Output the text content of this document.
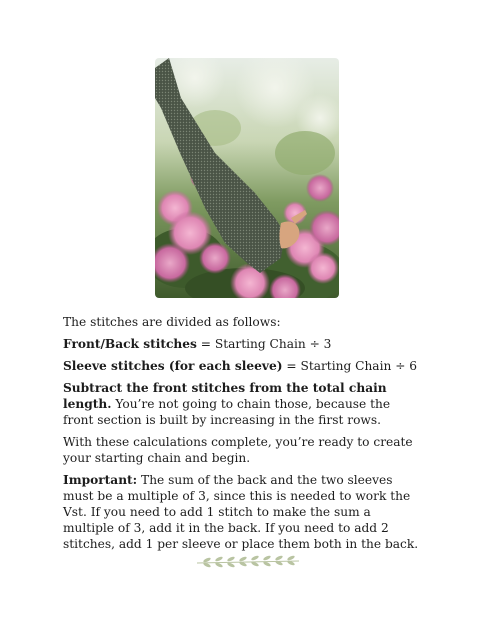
The stitches are divided as follows:

Front/Back stitches = Starting Chain ÷ 3

Sleeve stitches (for each sleeve) = Starting Chain ÷ 6

Subtract the front stitches from the total chain length. You’re not going to chain those, because the front section is built by increasing in the first rows.

With these calculations complete, you’re ready to create your starting chain and begin.

Important: The sum of the back and the two sleeves must be a multiple of 3, since this is needed to work the Vst. If you need to add 1 stitch to make the sum a multiple of 3, add it in the back. If you need to add 2 stitches, add 1 per sleeve or place them both in the back.
